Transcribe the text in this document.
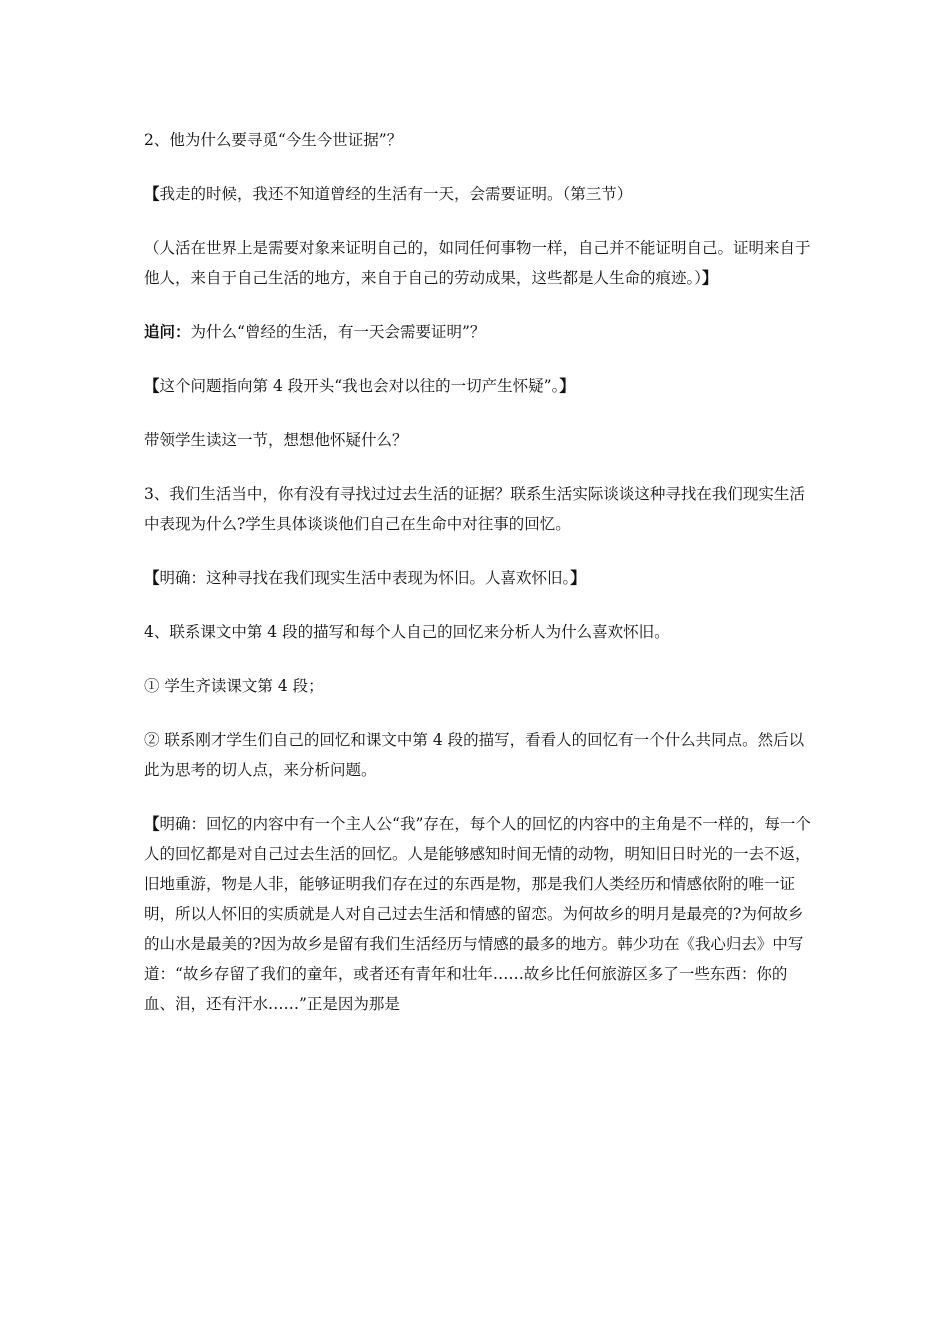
2、他为什么要寻觅“今生今世证据”？

【我走的时候，我还不知道曾经的生活有一天，会需要证明。（第三节）

（人活在世界上是需要对象来证明自己的，如同任何事物一样，自己并不能证明自己。证明来自于他人，来自于自己生活的地方，来自于自己的劳动成果，这些都是人生命的痕迹。）】

追问：为什么“曾经的生活，有一天会需要证明”？

【这个问题指向第 4 段开头“我也会对以往的一切产生怀疑”。】

带领学生读这一节，想想他怀疑什么？

3、我们生活当中，你有没有寻找过过去生活的证据？联系生活实际谈谈这种寻找在我们现实生活中表现为什么?学生具体谈谈他们自己在生命中对往事的回忆。

【明确：这种寻找在我们现实生活中表现为怀旧。人喜欢怀旧。】

4、联系课文中第 4 段的描写和每个人自己的回忆来分析人为什么喜欢怀旧。

① 学生齐读课文第 4 段；

② 联系刚才学生们自己的回忆和课文中第 4 段的描写，看看人的回忆有一个什么共同点。然后以此为思考的切人点，来分析问题。

【明确：回忆的内容中有一个主人公“我”存在，每个人的回忆的内容中的主角是不一样的，每一个人的回忆都是对自己过去生活的回忆。人是能够感知时间无情的动物，明知旧日时光的一去不返，旧地重游，物是人非，能够证明我们存在过的东西是物，那是我们人类经历和情感依附的唯一证明，所以人怀旧的实质就是人对自己过去生活和情感的留恋。为何故乡的明月是最亮的?为何故乡的山水是最美的?因为故乡是留有我们生活经历与情感的最多的地方。韩少功在《我心归去》中写道：“故乡存留了我们的童年，或者还有青年和壮年……故乡比任何旅游区多了一些东西：你的血、泪，还有汗水……”正是因为那是
